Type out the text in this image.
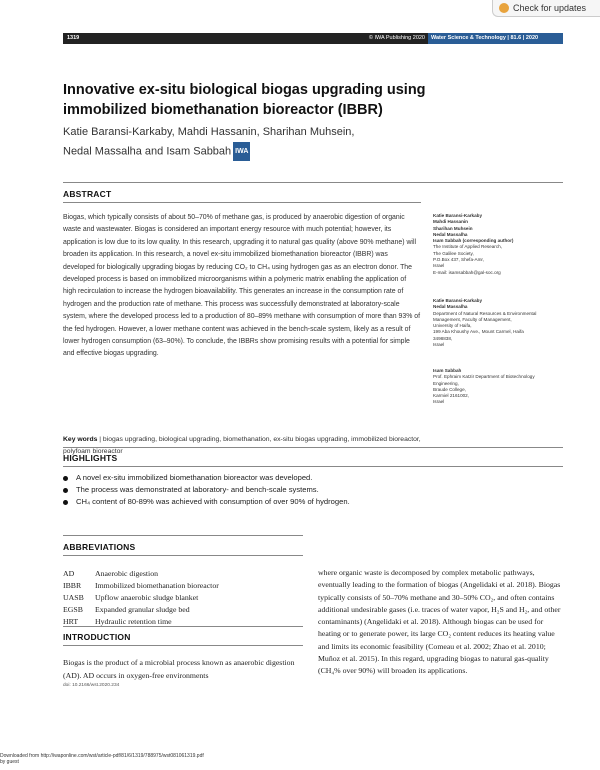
Check for updates
1319	© IWA Publishing 2020	Water Science & Technology | 81.6 | 2020
Innovative ex-situ biological biogas upgrading using
immobilized biomethanation bioreactor (IBBR)
Katie Baransi-Karkaby, Mahdi Hassanin, Sharihan Muhsein,
Nedal Massalha and Isam Sabbah IWA
ABSTRACT
Biogas, which typically consists of about 50–70% of methane gas, is produced by anaerobic digestion of organic waste and wastewater. Biogas is considered an important energy resource with much potential; however, its application is low due to its low quality. In this research, upgrading it to natural gas quality (above 90% methane) will broaden its application. In this research, a novel ex-situ immobilized biomethanation bioreactor (IBBR) was developed for biologically upgrading biogas by reducing CO₂ to CH₄ using hydrogen gas as an electron donor. The developed process is based on immobilized microorganisms within a polymeric matrix enabling the application of high recirculation to increase the hydrogen bioavailability. This generates an increase in the consumption rate of hydrogen and the production rate of methane. This process was successfully demonstrated at laboratory-scale system, where the developed process led to a production of 80–89% methane with consumption of more than 93% of the fed hydrogen. However, a lower methane content was achieved in the bench-scale system, likely as a result of lower hydrogen consumption (63–90%). To conclude, the IBBRs show promising results with a potential for simple and effective biogas upgrading.
Key words | biogas upgrading, biological upgrading, biomethanation, ex-situ biogas upgrading, immobilized bioreactor, polyfoam bioreactor
Katie Baransi-Karkaby
Mahdi Hassanin
Sharihan Muhsein
Nedal Massalha
Isam Sabbah (corresponding author)
The Institute of Applied Research,
The Galilee Society,
P.O.Box 437, Shefa-Amr,
Israel
E-mail: isamsabbah@gal-soc.org
Katie Baransi-Karkaby
Nedal Massalha
Department of Natural Resources & Environmental
Management, Faculty of Management,
University of Haifa,
199 Aba Khoushy Ave., Mount Carmel, Haifa
3498838,
Israel
Isam Sabbah
Prof. Ephraim Katzir Department of Biotechnology
Engineering,
Braude College,
Karmiel 2161002,
Israel
HIGHLIGHTS
A novel ex-situ immobilized biomethanation bioreactor was developed.
The process was demonstrated at laboratory- and bench-scale systems.
CH₄ content of 80-89% was achieved with consumption of over 90% of hydrogen.
ABBREVIATIONS
AD	Anaerobic digestion
IBBR	Immobilized biomethanation bioreactor
UASB	Upflow anaerobic sludge blanket
EGSB	Expanded granular sludge bed
HRT	Hydraulic retention time
INTRODUCTION
Biogas is the product of a microbial process known as anaerobic digestion (AD). AD occurs in oxygen-free environments
doi: 10.2166/wst.2020.234
where organic waste is decomposed by complex metabolic pathways, eventually leading to the formation of biogas (Angelidaki et al. 2018). Biogas typically consists of 50–70% methane and 30–50% CO₂, and often contains additional undesirable gases (i.e. traces of water vapor, H₂S and H₂, and other contaminants) (Angelidaki et al. 2018). Although biogas can be used for heating or to generate power, its large CO₂ content reduces its heating value and limits its economic feasibility (Comeau et al. 2002; Zhao et al. 2010; Muñoz et al. 2015). In this regard, upgrading biogas to natural gas-quality (CH₄% over 90%) will broaden its applications.
Downloaded from http://iwaponline.com/wst/article-pdf/81/6/1319/788975/wst081061319.pdf
by guest
